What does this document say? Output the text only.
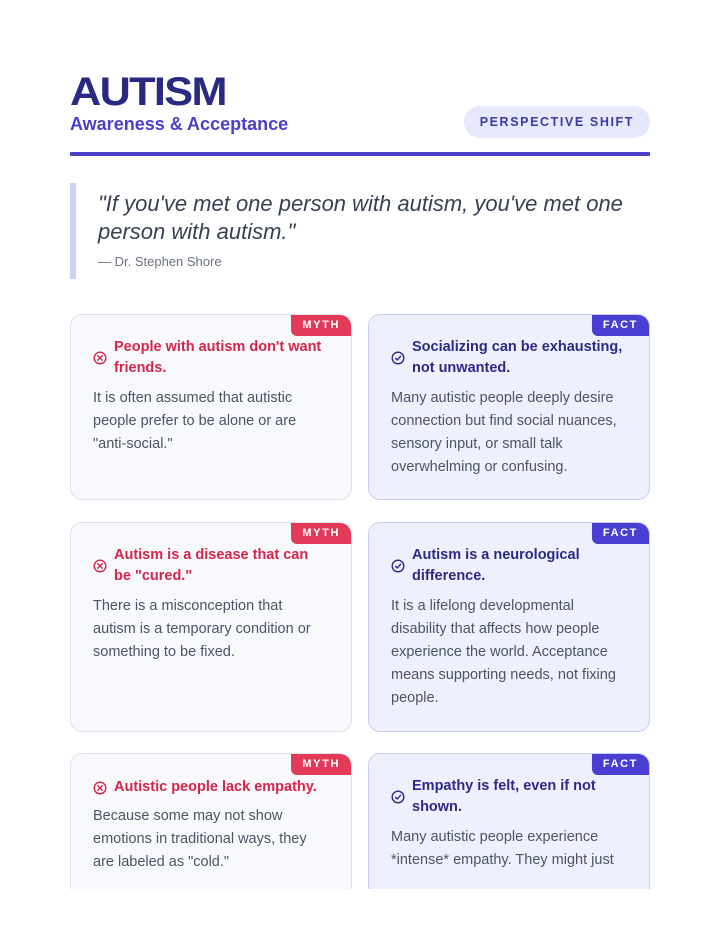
AUTISM
Awareness & Acceptance	PERSPECTIVE SHIFT
"If you've met one person with autism, you've met one person with autism."
— Dr. Stephen Shore
MYTH
People with autism don't want friends.
It is often assumed that autistic people prefer to be alone or are "anti-social."
FACT
Socializing can be exhausting, not unwanted.
Many autistic people deeply desire connection but find social nuances, sensory input, or small talk overwhelming or confusing.
MYTH
Autism is a disease that can be "cured."
There is a misconception that autism is a temporary condition or something to be fixed.
FACT
Autism is a neurological difference.
It is a lifelong developmental disability that affects how people experience the world. Acceptance means supporting needs, not fixing people.
MYTH
Autistic people lack empathy.
Because some may not show emotions in traditional ways, they are labeled as "cold."
FACT
Empathy is felt, even if not shown.
Many autistic people experience *intense* empathy. They might just
